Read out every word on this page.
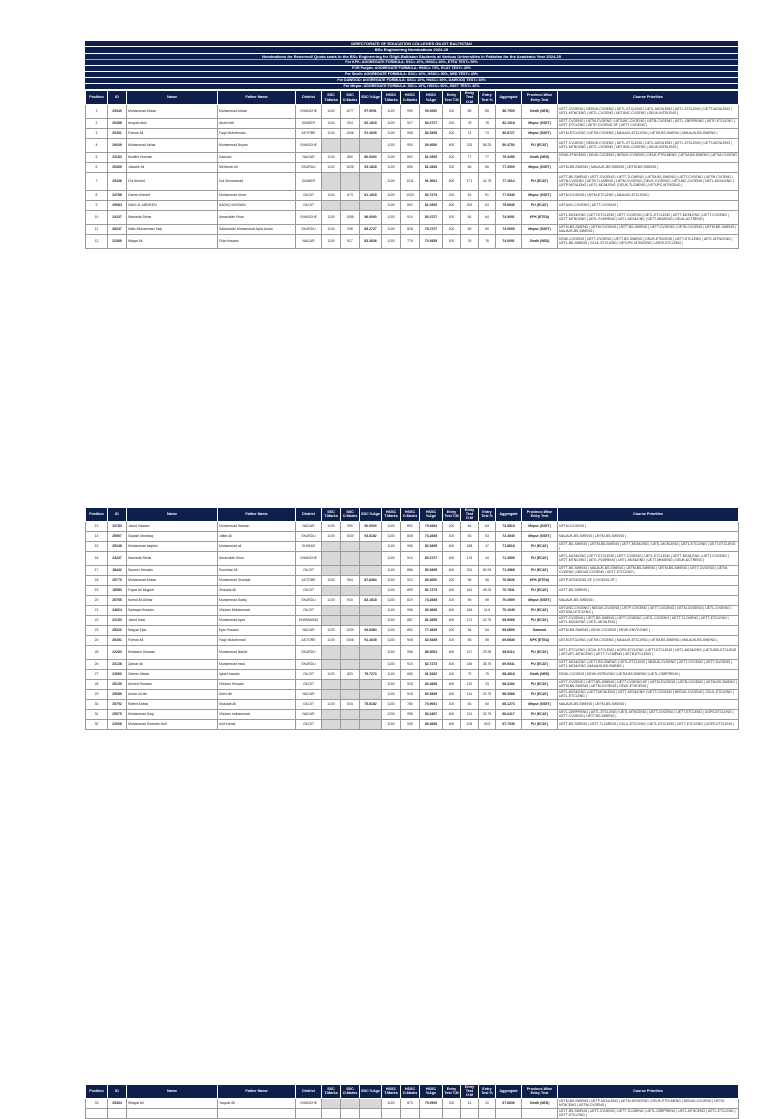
DIRECTORATE OF EDUCATION COLLEGES GILGIT BALTISTAN
BSc Engineering Nominations 2024-25
Nominations for Reserved/ Quota seats in the BSc Engineering for Gilgit-Baltistan Students at Various Universities in Pakistan for the Academic Year 2024-25
For KPK: AGGREGATE FORMULA: SSC= 10%, HSSC= 40%, ETEA TEST= 50%
FOR Punjab: AGGREGATE FORMULA: HSSC= 70%, ECAT TEST= 30%
For Sindh: AGGREGATE FORMULA: SSC= 10%, HSSC= 50%, NED TEST= 40%
For DAWOOD: AGGREGATE FORMULA: SSC= 10%, HSSC= 50%, DAWOOD TEST= 40%
For Mirpur: AGGREGATE FORMULA: SSC= 10%, HSSC= 60%, SSET TEST= 30%
Position	ID	Name	Father Name	District	SSC T.Marks	SSC O.Marks	SSC %Age	HSSC T.Marks	HSSC O.Marks	HSSC %Age	Entry Test T.M	Entry Test O.M	Entry Test %	Aggregate	Province-Wise Entry Test	Course Priorities
1	29349	Muhammad Ahsan	Muhammad Ahsan	GHANCHE	1100	1077	97.9091	1100	990	90.0000	100	85	85	86.7909	Sindh (NED)	UETT-CVGENG | NEDUK-CVGENG | UETL-ETCLENG | UETL-MCNLENG | UETL-ETCLENG | UETT-MCNLENG | UETL-MTNCENG | UETL-CVGENG | UETUNC-CVGENG | DEUK-INTRLENG |
2	29388	Anayat ullah	Abdul lutif	DIAMER	1100	904	82.1818	1100	927	84.2727	100	78	78	82.1818	Mirpur (SSET)	UETT-CVGENG | UETM-CVGENG | UETUNC-CVGENG | UETB-CVGENG | UETL-CBRPRENG | UETP-ETCLENG | UETT-ETCLENG | UETP-CVGENG-SF | UETT-CVGENG |
3	25451	Farhan Ali	Faqir Muhammad	ASTORE	1100	1006	91.4545	1100	908	82.5455	100	74	74	80.8727	Mirpur (SSET)	UETM-ETCLENG | UETM-CVGENG | MAUAJK-ETCLENG | UETM-BS-SWENG | MAUAJK-BS-SWENG |
4	29049	Muhammad Ashar	Muhammad Noyan	GHANCHE				1100	990	90.0000	400	233	58.25	80.4750	PU (ECAT)	UETT-CVGENG | NEDUK-CVGENG | UETL-ETCLENG | UETL-MCNLENG | UETL-ETCLENG | UETT-MCNLENG | UETL-MTNCENG | UETL-CVGENG | UETUNC-CVGENG | DEUK-INTRLENG |
5	23183	Khalilm Hussain	Dawood	NAGAR	1100	880	80.0000	1100	892	81.0909	100	77	77	79.3455	Sindh (NED)	DEUK-ETNCENG | DEUK-CVGENG | NEDUK-CVGENG | DEUK-PTRLMENG | UETM-BS-SWENG | UETM-CVGENG |
6	25365	Jawahir Ali	Mehboob Ali	SKARDU	1100	1025	93.1818	1100	896	81.4545	100	66	66	77.2909	Mirpur (SSET)	UETM-BS-SWENG | MAUAJK-BS-SWENG | UETM-BS-SWENG |
7	29436	Gul Ahmed	Gul Muhammad	DIAMER				1100	1011	91.9091	400	171	42.75	77.1614	PU (ECAT)	UETT-BS-SWENG | UETT-CVGENG | UETT-TLCMENG | UETM-BS-SWENG | UETT-CVGENG | UETM-CVGENG | UETB-CVGENG | UETB-TLCMENG | UETM-CVGENG | DEUK-CVGENG | UETUNC-CVGENG | UETL-MCNLENG | UETP-MCNLENG | UETL-MCNLENG | DEUK-TLCMENG | UETUPC-MTNCENG |
8	24788	Danish Ahmed	Muhammad Umar	GILGIT	1100	673	61.1818	1100	1020	92.7273	100	51	51	77.0545	Mirpur (SSET)	UETM-CVGENG | UETM-ETCLENG | MAUAJK-ETCLENG |
9	29084	ZAIN UL ABIDEEN	SADIQ HUSSAIN	GILGIT				1100	892	81.0909	400	252	63	75.6636	PU (ECAT)	UETUNC-CVGENG | UETT-CVGENG |
10	24237	Naveeda Sehar	Amanullah Khan	GHANCHE	1100	1056	96.0000	1100	914	83.0727	100	64	64	74.9091	KPK (ETEA)	UETL-MCNLENG | UETT-ETCLENG | UETT-CVGENG | UETL-ETCLENG | UETT-MCNLENG | UETT-CVGENG | UETT-MTNCENG | UETL-PLMRENG | UETL-MCNLENG | UETT-MNGENG | DEUK-ACTRENG |
11	26347	Hafiz Muhammad Yaqi	Salahuddin Muhammad Ayub Azam	SKARDU	1100	938	85.2727	1100	828	75.2727	100	69	69	74.0909	Mirpur (SSET)	UETM-BS-SWENG | UETM-CVGENG | UETT-BS-SWENG | UETT-CVGENG | UETB-CVGENG | UETM-BS-SWENG | MAUAJK-BS-SWENG |
12	22365	Waqar Ali	Fida Hussain	NAGAR	1100	917	83.3636	1100	776	70.5455	100	76	76	74.0091	Sindh (NED)	DEUK-CVGENG | UETT-CVGENG | UETT-BS-SWENG | DEUK-ETNCENG | UETT-ETCLENG | UETL-MTNCENG | UETL-BS-SWENG | GCUL-ETCLENG | UETUPC-MTNCENG | UOPS-ETCLENG |
Position	ID	Name	Father Name	District	SSC T.Marks	SSC O.Marks	SSC %Age	HSSC T.Marks	HSSC O.Marks	HSSC %Age	Entry Test T.M	Entry Test O.M	Entry Test %	Aggregate	Province-Wise Entry Test	Course Priorities
13	24783	Javed Hassan	Muhammad Hassan	NAGAR	1100	990	90.0000	1100	852	75.6364	100	64	64	73.5818	Mirpur (SSET)	UETM-CVGENG |
14	25567	Saqlain Mushtaq	Jaffar Ali	SKARDU	1100	1030	93.8182	1100	808	73.4545	100	63	63	72.4545	Mirpur (SSET)	MAUAJK-BS-SWENG | UETM-BS-SWENG |
15	25248	Muhammad saqlain	Muhammad ali	SHIGAR				1100	908	82.5455	400	188	47	71.8818	PU (ECAT)	UETT-BS-SWENG | UETM-BS-SWENG | UETT-MCNLENG | UETL-MCNLENG | UETL-ETCLENG | UETT-ETCLENG |
16	24237	Naveeda Sehar	Amanullah Khan	GHANCHE				1100	914	83.2727	400	176	44	71.4909	PU (ECAT)	UETL-MCNLENG | UETT-ETCLENG | UETT-CVGENG | UETL-ETCLENG | UETT-MCNLENG | UETT-CVGENG | UETT-MTNCENG | UETL-PLMRENG | UETL-MCNLENG | UETT-MNGENG | DEUK-ACTRENG |
17	18442	Sameer Hussain	Doostdar Ali	GILGIT				1100	886	80.5455	400	201	50.25	71.4568	PU (ECAT)	UETT-BS-SWENG | MAUAJK-BS-SWENG | UETM-BS-SWENG | UETM-BS-SWENG | UETT-CVGENG | UETM-CVGENG | NEDUK-CVGENG | UETT-ETCLENG |
18	25770	Muhammad Ahsan	Muhammad Shaukat	ASTORE	1100	964	87.6364	1100	913	83.0000	100	58	58	70.9636	KPK (ETEA)	UETP-MTNCENG-SF | CVGENG-SF |
19	18583	Fayaz Ali Mughal	Shaukat Ali	GILGIT				1100	899	81.7273	400	161	45.25	70.7841	PU (ECAT)	UETT-BS-SWENG |
20	25765	Kamal Ali Akhtar	Muhammad Sadiq	SKARDU	1100	915	83.1818	1100	819	74.4545	100	59	59	70.3909	Mirpur (SSET)	MAUAJK-BS-SWENG |
21	24624	Sadaqat Hussain	Ghulam Muhammad	GILGIT				1100	906	82.3636	400	166	41.5	70.1045	PU (ECAT)	UETUNC-CVGENG | NEDUK-CVGENG | UETP-CVGENG | UETT-CVGENG | UETM-CVGENG | UETL-CVGENG | UETUSKI-ETCLENG |
22	22153	Javed Nadi	Muhammad Ayaz	KHARMANG				1100	887	81.5455	400	171	42.75	69.9068	PU (ECAT)	UETT-CVGENG | UETT-BS-SWENG | UETT-CVGENG | UETL-CVGENG | UETT-TLCMENG | UETT-ETCLENG | UETL-MCNLENG | UETL-MCNLENG |
23	25322	Nayyar Ejaz	Ejaz Hussain	NAGAR	1100	1030	93.6364	1100	852	77.4545	100	54	54	69.6809	Dawood	UETM-BS-SWENG | DEUK-CVGENG | DEUK-ENVTLENG |
24	25451	Farhan Ali	Faqir Muhammad	ASTORE	1100	1006	91.4545	1100	908	82.5455	100	55	55	69.6636	KPK (ETEA)	UETM-ETCLENG | UETM-CVGENG | MAUAJK-ETCLENG | UETM-BS-SWENG | MAUAJK-BS-SWENG |
25	22283	Mubashir Hussain	Muhammad Bashir	SKARDU				1100	956	86.9091	400	117	29.25	69.6114	PU (ECAT)	UETL-ETCLENG | GCUL-ETCLENG | UOPS-ETCLENG | UETT-ETCLENG | UETL-MCNLENG | UETUSKI-ETCLENG | UETUPC-MTNCENG | UETT-TLCMENG | UETB-ETCLENG |
26	23136	Qamar Ali	Muhammad essa	SKARDU				1100	910	82.7273	400	155	38.75	69.5341	PU (ECAT)	UETT-MCNLENG | UETT-BS-SWENG | UETL-ETCLENG | NEDUK-CVGENG | UETT-CVGENG | UETT-DVGENG | UETL-MCNLENG | MAUAJK-BS-SWENG |
27	23690	Zaheer Abbas	Iqbal Hussain	GILGIT	1100	833	75.7273	1100	680	61.8182	100	75	75	68.4818	Sindh (NED)	DEUK-CVGENG | DEUK-INTRLENG | UETM-BS-SWENG | UETL-CBRPRENG |
28	25139	Ahmed Hussain	Ghulam Hussain	GILGIT				1100	918	83.4545	400	132	33	68.3182	PU (ECAT)	UETT-CVGENG | UETT-BS-SWENG | UETT-CVGENG-SF | UETM-CVGENG | UETB-CVGENG | UETM-BS-SWENG | UETM-BS-SWENG | UETM-CVGENG | DEUK-ETNCENG |
29	25085	Azhar ud din	Alam din	NAGAR				1100	918	83.5455	400	131	32.75	68.3068	PU (ECAT)	UETL-MCNLENG | UETT-MCNLENG | UETT-MCNLENG | UETT-CVGENG | NEDUK-CVGENG | GCUL-ETCLENG | UETL-ETCLENG |
30	25792	Rafeel Abbas	Shaukat Ali	GILGIT	1100	834	75.8182	1100	780	70.9091	100	60	60	68.1273	Mirpur (SSET)	MAUAJK-BS-SWENG | UETM-BS-SWENG |
31	25575	Muhammad Saqi	Ghulam muhammad	NAGAR				1200	998	83.1667	400	131	32.75	68.0417	PU (ECAT)	UETL-CBRPRENG | UETL-ETCLENG | UETL-MTNCENG | UETT-CVGENG | UETT-ETCLENG | UOPS-ETCLENG | UETT-CVGENG | UETT-BS-SWENG |
32	22008	Muhammad Shaheen Asif	Asif Kamal	GILGIT				1100	939	85.3636	400	106	26.5	67.7045	PU (ECAT)	UETT-BS-SWENG | UETT-TLCMENG | GCUL-ETCLENG | UETL-ETCLENG | UETT-ETCLENG | UOPS-ETCLENG |
Position	ID	Name	Father Name	District	SSC T.Marks	SSC O.Marks	SSC %Age	HSSC T.Marks	HSSC O.Marks	HSSC %Age	Entry Test T.M	Entry Test O.M	Entry Test %	Aggregate	Province-Wise Entry Test	Course Priorities
33	25464	Wilayat Ali	Yaqoob Ali	GHANCHE				1100	870	79.0909	100	41	41	67.6636	Sindh (NED)	UETM-BS-SWENG | UETP-MCNLENG | UETM-MTNCENG | DEUK-PTRLMENG | NEDUK-CVGENG | UETM-MTNCENG | UETM-CVGENG |
																UETT-BS-SWENG | UETT-CVGENG | UETT-TLCMENG | UETL-CBRPRENG | UETL-MTNCENG | UETL-ETCLENG | UETT-ETCLENG |
